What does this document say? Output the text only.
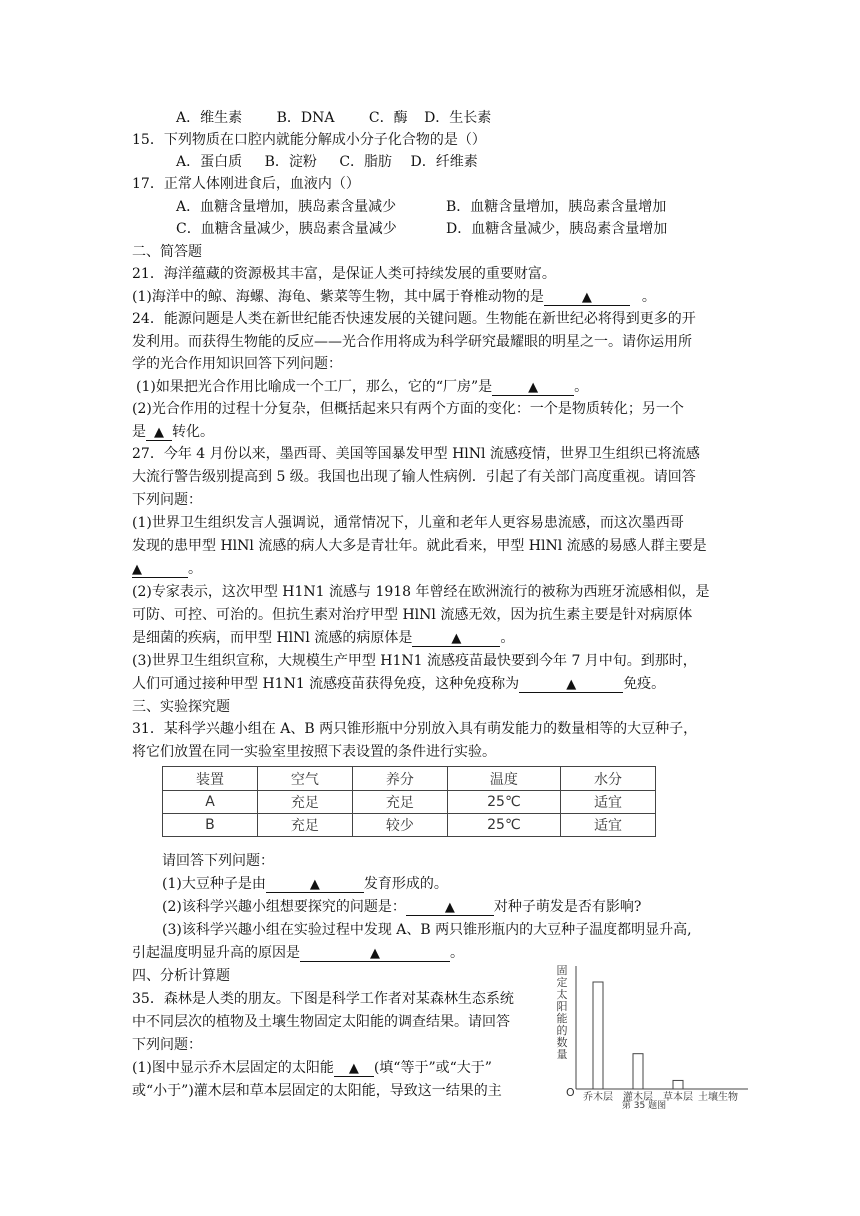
A．维生素 B．DNA C．酶 D．生长素
15．下列物质在口腔内就能分解成小分子化合物的是（）
A．蛋白质 B．淀粉 C．脂肪 D．纤维素
17．正常人体刚进食后，血液内（）
A．血糖含量增加，胰岛素含量减少	B．血糖含量增加，胰岛素含量增加
C．血糖含量减少，胰岛素含量减少	D．血糖含量减少，胰岛素含量增加
二、简答题
21．海洋蕴藏的资源极其丰富，是保证人类可持续发展的重要财富。
(1)海洋中的鲸、海螺、海龟、紫菜等生物，其中属于脊椎动物的是	▲	。
24．能源问题是人类在新世纪能否快速发展的关键问题。生物能在新世纪必将得到更多的开
发利用。而获得生物能的反应——光合作用将成为科学研究最耀眼的明星之一。请你运用所
学的光合作用知识回答下列问题：
(1)如果把光合作用比喻成一个工厂，那么，它的“厂房”是	▲	。
(2)光合作用的过程十分复杂，但概括起来只有两个方面的变化：一个是物质转化；另一个
是 ▲ 转化。
27．今年 4 月份以来，墨西哥、美国等国暴发甲型 HlNl 流感疫情，世界卫生组织已将流感
大流行警告级别提高到 5 级。我国也出现了输人性病例．引起了有关部门高度重视。请回答
下列问题：
(1)世界卫生组织发言人强调说，通常情况下，儿童和老年人更容易患流感，而这次墨西哥
发现的患甲型 HlNl 流感的病人大多是青壮年。就此看来，甲型 HlNl 流感的易感人群主要是
▲	。
(2)专家表示，这次甲型 H1N1 流感与 1918 年曾经在欧洲流行的被称为西班牙流感相似，是
可防、可控、可治的。但抗生素对治疗甲型 HlNl 流感无效，因为抗生素主要是针对病原体
是细菌的疾病，而甲型 HlNl 流感的病原体是	▲	。
(3)世界卫生组织宣称，大规模生产甲型 H1N1 流感疫苗最快要到今年 7 月中旬。到那时，
人们可通过接种甲型 H1N1 流感疫苗获得免疫，这种免疫称为	▲	免疫。
三、实验探究题
31．某科学兴趣小组在 A、B 两只锥形瓶中分别放入具有萌发能力的数量相等的大豆种子，
将它们放置在同一实验室里按照下表设置的条件进行实验。
装置	空气	养分	温度	水分
A	充足	充足	25℃	适宜
B	充足	较少	25℃	适宜
请回答下列问题：
(1)大豆种子是由	▲	发育形成的。
(2)该科学兴趣小组想要探究的问题是：	▲	对种子萌发是否有影响?
(3)该科学兴趣小组在实验过程中发现 A、B 两只锥形瓶内的大豆种子温度都明显升高,
引起温度明显升高的原因是	▲	。
四、分析计算题
35．森林是人类的朋友。下图是科学工作者对某森林生态系统
中不同层次的植物及土壤生物固定太阳能的调查结果。请回答
下列问题：
(1)图中显示乔木层固定的太阳能 ▲ (填“等于”或“大于”
或“小于”)灌木层和草本层固定的太阳能，导致这一结果的主
固
定
太
阳
能
的
数
量
O 乔木层 灌木层 草本层 土壤生物
第 35 题图
